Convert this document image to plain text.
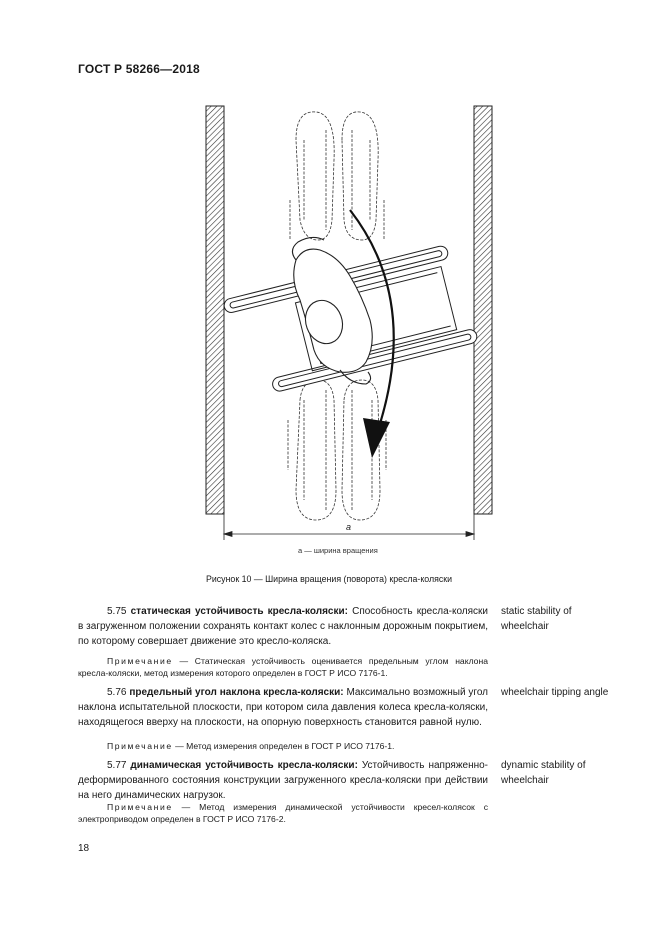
ГОСТ Р 58266—2018
а
а — ширина вращения
Рисунок 10 — Ширина вращения (поворота) кресла-коляски
5.75 статическая устойчивость кресла-коляски: Способность кресла-коляски в загруженном положении сохранять контакт колес с наклонным дорожным покрытием, по которому совершает движение это кресло-коляска.
static stability of wheelchair
Примечание — Статическая устойчивость оценивается предельным углом наклона кресла-коляски, метод измерения которого определен в ГОСТ Р ИСО 7176-1.
5.76 предельный угол наклона кресла-коляски: Максимально возможный угол наклона испытательной плоскости, при котором сила давления колеса кресла-коляски, находящегося вверху на плоскости, на опорную поверхность становится равной нулю.
wheelchair tipping angle
Примечание — Метод измерения определен в ГОСТ Р ИСО 7176-1.
5.77 динамическая устойчивость кресла-коляски: Устойчивость напряженно-деформированного состояния конструкции загруженного кресла-коляски при действии на него динамических нагрузок.
dynamic stability of wheelchair
Примечание — Метод измерения динамической устойчивости кресел-колясок с электроприводом определен в ГОСТ Р ИСО 7176-2.
18
